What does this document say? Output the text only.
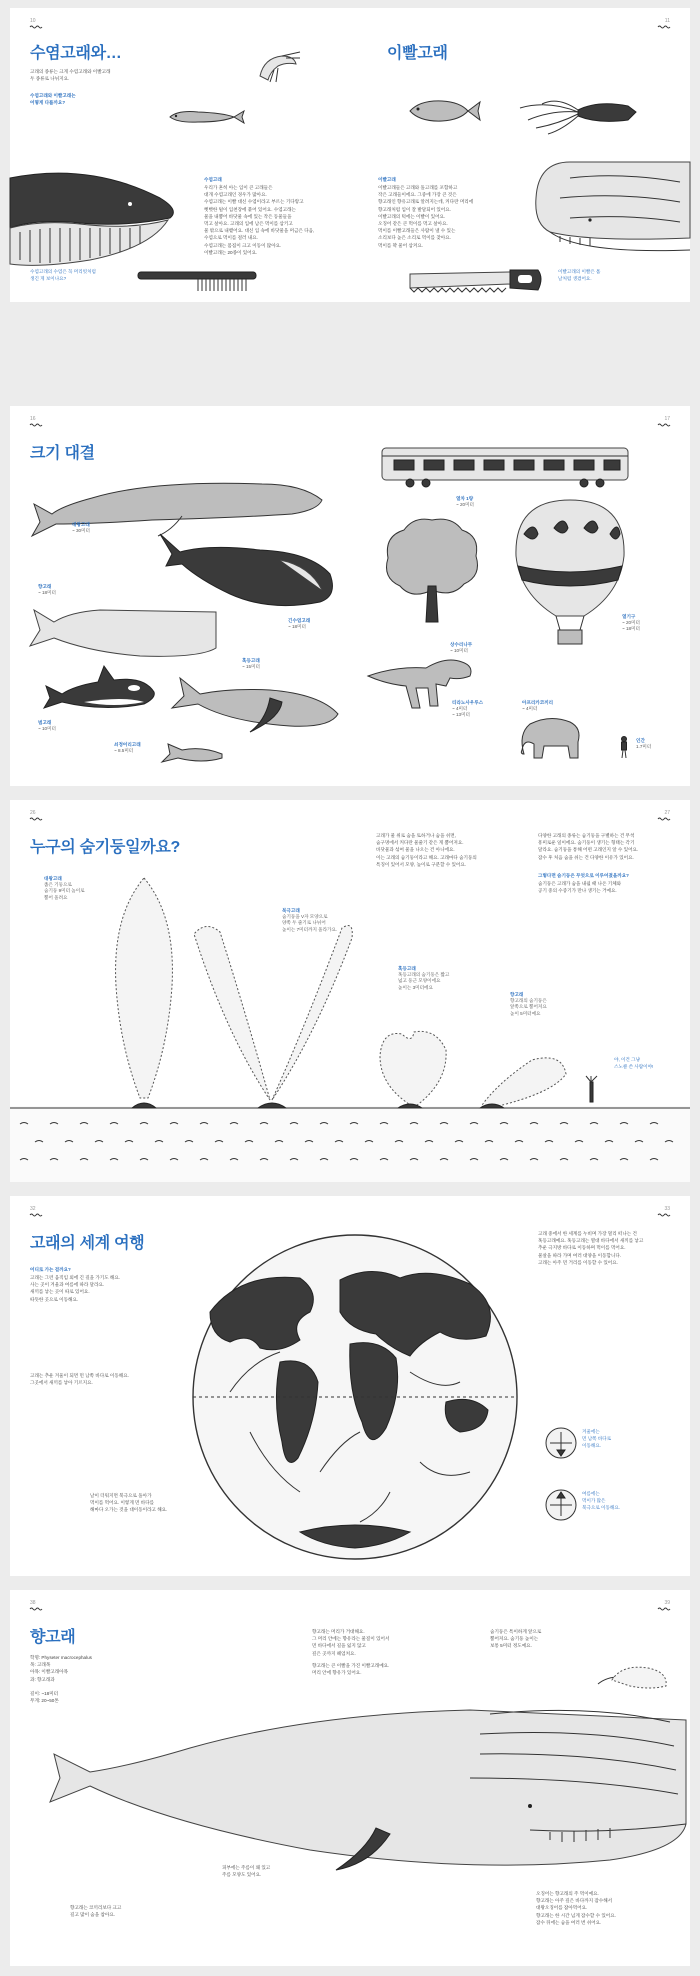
10	11
수염고래와…	이빨고래

고래의 종류는 크게 수염고래와 이빨고래
두 종류로 나뉘지요.

수염고래와 이빨고래는
어떻게 다를까요?

수염고래

우리가 흔히 아는 입이 큰 고래들은
대개 수염고래인 경우가 많아요.
수염고래는 이빨 대신 수염이라고 부르는 기다랗고
뻣뻣한 털이 입천장에 붙어 있어요. 수염고래는
물을 내뿜어 바닷물 속에 있는 작은 동물들을
먹고 살아요. 고래의 입에 남은 먹이를 삼키고
물 밖으로 내뱉어요. 대신 입 속에 바닷물을 머금은 다음,
수염으로 먹이를 걸러 내요.
수염고래는 몸집이 크고 이동이 많아요.
이빨고래는 20종이 있어요.

수염고래의 수염은 꼭 머리빗처럼
생긴 게 보이나요?

이빨고래

이빨고래들은 고래와 돌고래를 포함하고
작은 고래들이에요. 그중에 가장 큰 것은
향고래인 향유고래로 알려지는데, 커다란 머리에
향고래처럼 입이 잘 발달되어 있어요.
이빨고래의 턱에는 이빨이 있어요.
오징어 같은 큰 먹이를 먹고 살아요.
먹이를 이빨고래들은 사람이 낼 수 있는
소리보다 높은 소리로 먹이를 찾아요.
먹이를 꽉 물어 삼켜요.

이빨고래의 이빨은 톱
날처럼 생겼어요.

16	17
크기 대결
대왕고래
~ 30미터
향고래
~ 18미터
긴수염고래
~ 18미터
혹등고래
~ 15미터
범고래
~ 10미터
쇠정어리고래
~ 8.5미터
열차 1량
~ 20미터
상수리나무
~ 10미터
열기구
~ 20미터
~ 18미터
티라노사우루스
~ 4미터
~ 13미터
아프리카코끼리
~ 4미터
인간
1.7미터
26	27
누구의 숨기둥일까요?

고래가 물 위로 숨을 토하거나 숨을 쉬면,
숨구멍에서 커다란 물줄기 같은 게 뿜어져요.
바닷물과 섞여 물을 나오는 건 아니에요.
이는 고래의 숨기둥이라고 해요. 고래마다 숨기둥의
특징이 있어서 모양, 높이로 구분할 수 있어요.

다양한 고래의 종류는 숨기둥을 구별하는 건 무척
흥미로운 일이에요. 숨기둥이 생기는 형태는 각기
달라요. 숨기둥을 통해 어떤 고래인지 알 수 있어요.
잠수 후 처음 숨을 쉬는 건 다양한 이유가 있어요.

그렇다면 숨기둥은 무엇으로 이루어졌을까요?

숨기둥은 고래가 숨을 내쉴 때 나온 기체와
공기 중의 수증기가 만나 생기는 거예요.

대왕고래
좁은 기둥으로
숨기둥 9미터 높이로
뿜어 올려요
북극고래
숨기둥을 V자 모양으로
양쪽 두 줄기로 나뉘어
높이는 7미터까지 올라가요.
혹등고래
혹등고래의 숨기둥은 짧고
넓고 둥근 모양이에요
높이는 3미터에요
향고래
향고래의 숨기둥은
앞쪽으로 뿜어져요
높이 5미터예요

야, 이건 그냥
스노클 쓴 사람이야!

32	33
고래의 세계 여행

어디로 가는 걸까요?

고래는 그런 움직임 외에 긴 길을 가기도 해요.
사는 곳이 겨울과 여름에 따라 달라요.
새끼를 낳는 곳이 따로 있어요.
따뜻한 곳으로 이동해요.

고래는 추운 겨울이 되면 먼 남쪽 바다로 이동해요.
그곳에서 새끼를 낳아 기르지요.

날이 더워지면 북극으로 돌아가
먹이를 먹어요. 이렇게 먼 바다를
해마다 오가는 것을 대이동이라고 해요.

고래 중에서 한 세계를 누비며 가장 멀리 떠나는 건
혹등고래예요. 혹등고래는 열대 바다에서 새끼를 낳고
추운 극지방 바다로 이동하며 먹이를 먹어요.
물살을 따라 가며 여러 대양을 이동합니다.
고래는 아주 먼 거리를 이동할 수 있어요.

겨울에는
먼 남쪽 바다로
이동해요.

여름에는
먹이가 많은
북극으로 이동해요.

38	39
향고래

학명: Physeter macrocephalus
목: 고래목
아목: 이빨고래아목
과: 향고래과

길이: ~18미터
무게: 20~50톤

향고래는 머리가 거대해요.
그 머리 안에는 향유라는 물질이 있어서
먼 바다에서 길을 잃지 않고
깊은 곳까지 헤엄쳐요.

향고래는 큰 이빨을 가진 이빨고래예요.
머리 안에 향유가 있어요.

숨기둥은 특이하게 앞으로
뿜어져요. 숨기둥 높이는
보통 5미터 정도예요.

피부에는 주름이 꽤 있고
주름 모양도 있어요.

향고래는 코끼리보다 크고
길고 많이 숨을 참아요.

오징어는 향고래의 주 먹이예요.
향고래는 아주 깊은 바다까지 잠수해서
대왕오징어를 잡아먹어요.
향고래는 한 시간 넘게 잠수할 수 있어요.
잠수 뒤에는 숨을 여러 번 쉬어요.
